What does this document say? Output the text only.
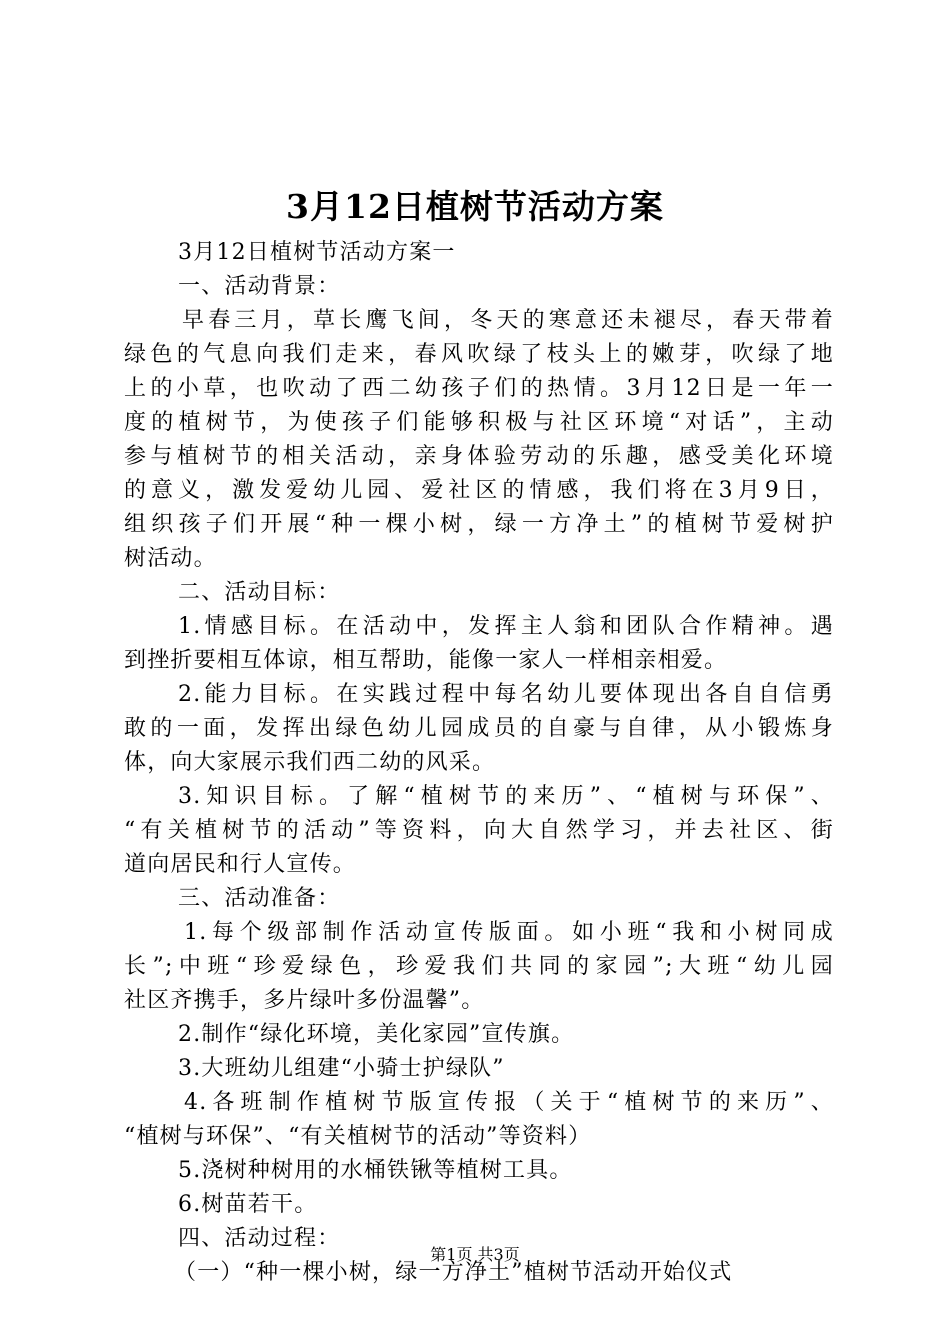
3月12日植树节活动方案
3月12日植树节活动方案一
一、活动背景：
早春三月，草长鹰飞间，冬天的寒意还未褪尽，春天带着
绿色的气息向我们走来，春风吹绿了枝头上的嫩芽，吹绿了地
上的小草，也吹动了西二幼孩子们的热情。3月12日是一年一
度的植树节，为使孩子们能够积极与社区环境“对话”，主动
参与植树节的相关活动，亲身体验劳动的乐趣，感受美化环境
的意义，激发爱幼儿园、爱社区的情感，我们将在3月9日，
组织孩子们开展“种一棵小树，绿一方净土”的植树节爱树护
树活动。
二、活动目标：
1.情感目标。在活动中，发挥主人翁和团队合作精神。遇
到挫折要相互体谅，相互帮助，能像一家人一样相亲相爱。
2.能力目标。在实践过程中每名幼儿要体现出各自自信勇
敢的一面，发挥出绿色幼儿园成员的自豪与自律，从小锻炼身
体，向大家展示我们西二幼的风采。
3.知识目标。了解“植树节的来历”、“植树与环保”、
“有关植树节的活动”等资料，向大自然学习，并去社区、街
道向居民和行人宣传。
三、活动准备：
1.每个级部制作活动宣传版面。如小班“我和小树同成
长”;中班“珍爱绿色，珍爱我们共同的家园”;大班“幼儿园
社区齐携手，多片绿叶多份温馨”。
2.制作“绿化环境，美化家园”宣传旗。
3.大班幼儿组建“小骑士护绿队”
4.各班制作植树节版宣传报（关于“植树节的来历”、
“植树与环保”、“有关植树节的活动”等资料）
5.浇树种树用的水桶铁锹等植树工具。
6.树苗若干。
四、活动过程：
（一）“种一棵小树，绿一方净土”植树节活动开始仪式
第1页 共3页
